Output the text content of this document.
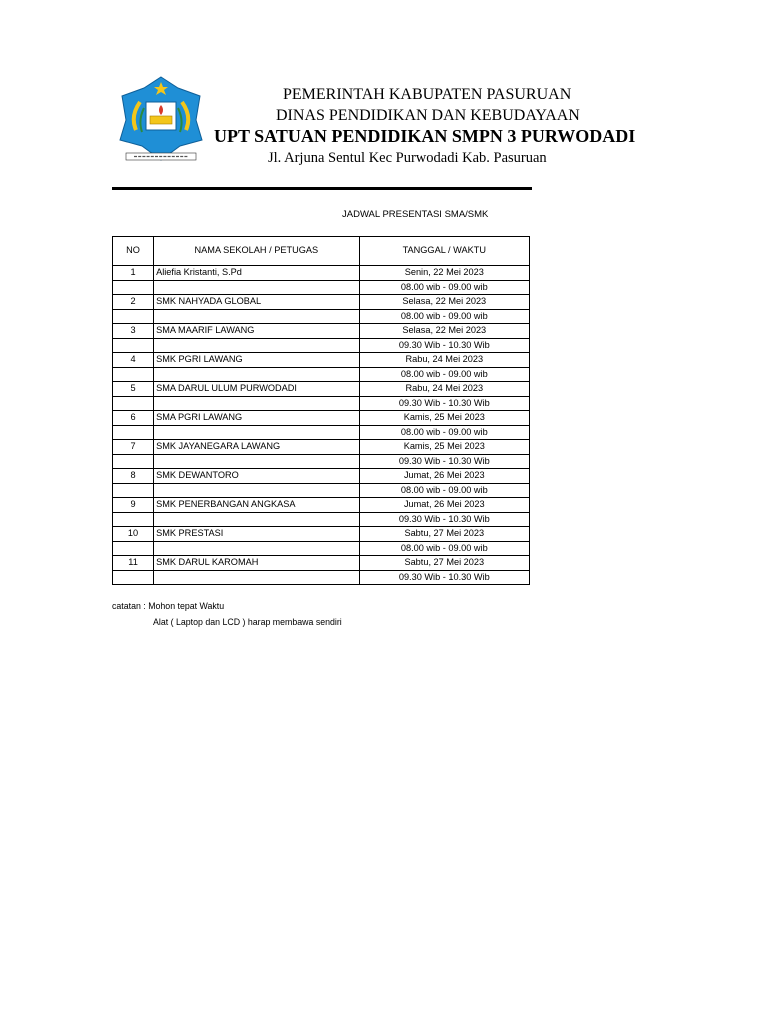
PEMERINTAH KABUPATEN PASURUAN
DINAS PENDIDIKAN DAN KEBUDAYAAN
UPT SATUAN PENDIDIKAN SMPN 3 PURWODADI
Jl. Arjuna Sentul Kec Purwodadi Kab. Pasuruan
JADWAL PRESENTASI SMA/SMK
NO	NAMA SEKOLAH / PETUGAS	TANGGAL / WAKTU
1	Aliefia Kristanti, S.Pd	Senin, 22 Mei 2023
		08.00 wib - 09.00 wib
2	SMK NAHYADA GLOBAL	Selasa, 22 Mei 2023
		08.00 wib - 09.00 wib
3	SMA MAARIF LAWANG	Selasa, 22 Mei 2023
		09.30 Wib - 10.30 Wib
4	SMK PGRI LAWANG	Rabu, 24 Mei 2023
		08.00 wib - 09.00 wib
5	SMA DARUL ULUM PURWODADI	Rabu, 24 Mei 2023
		09.30 Wib - 10.30 Wib
6	SMA PGRI LAWANG	Kamis, 25 Mei 2023
		08.00 wib - 09.00 wib
7	SMK JAYANEGARA LAWANG	Kamis, 25 Mei 2023
		09.30 Wib - 10.30 Wib
8	SMK DEWANTORO	Jumat, 26 Mei 2023
		08.00 wib - 09.00 wib
9	SMK PENERBANGAN ANGKASA	Jumat, 26 Mei 2023
		09.30 Wib - 10.30 Wib
10	SMK PRESTASI	Sabtu, 27 Mei 2023
		08.00 wib - 09.00 wib
11	SMK DARUL KAROMAH	Sabtu, 27 Mei 2023
		09.30 Wib - 10.30 Wib
catatan : Mohon tepat Waktu
Alat ( Laptop dan LCD ) harap membawa sendiri
